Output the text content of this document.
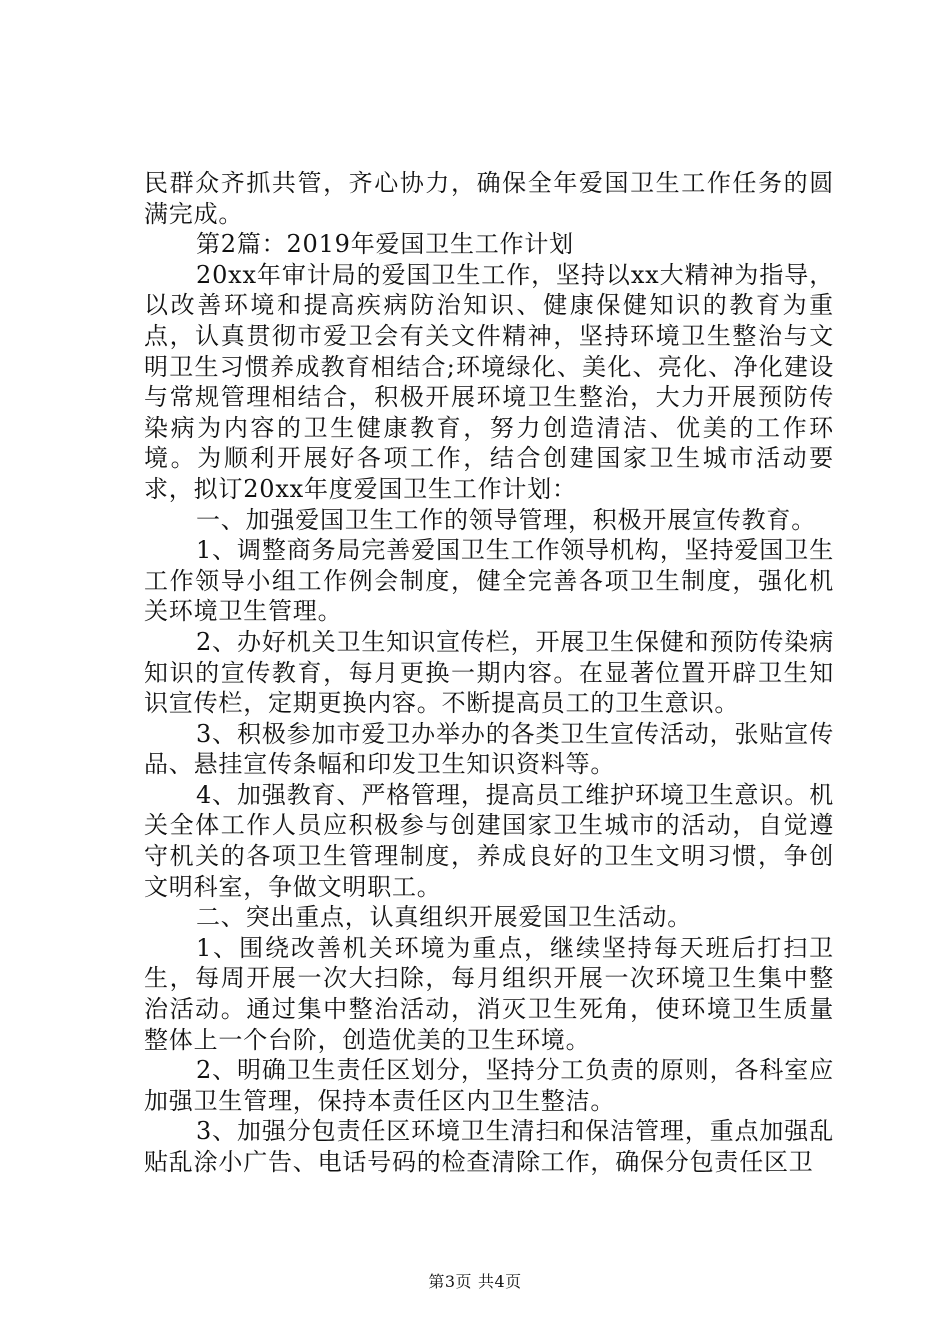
民群众齐抓共管，齐心协力，确保全年爱国卫生工作任务的圆满完成。

第2篇：2019年爱国卫生工作计划

20xx年审计局的爱国卫生工作，坚持以xx大精神为指导，以改善环境和提高疾病防治知识、健康保健知识的教育为重点，认真贯彻市爱卫会有关文件精神，坚持环境卫生整治与文明卫生习惯养成教育相结合;环境绿化、美化、亮化、净化建设与常规管理相结合，积极开展环境卫生整治，大力开展预防传染病为内容的卫生健康教育，努力创造清洁、优美的工作环境。为顺利开展好各项工作，结合创建国家卫生城市活动要求，拟订20xx年度爱国卫生工作计划：

一、加强爱国卫生工作的领导管理，积极开展宣传教育。

1、调整商务局完善爱国卫生工作领导机构，坚持爱国卫生工作领导小组工作例会制度，健全完善各项卫生制度，强化机关环境卫生管理。

2、办好机关卫生知识宣传栏，开展卫生保健和预防传染病知识的宣传教育，每月更换一期内容。在显著位置开辟卫生知识宣传栏，定期更换内容。不断提高员工的卫生意识。

3、积极参加市爱卫办举办的各类卫生宣传活动，张贴宣传品、悬挂宣传条幅和印发卫生知识资料等。

4、加强教育、严格管理，提高员工维护环境卫生意识。机关全体工作人员应积极参与创建国家卫生城市的活动，自觉遵守机关的各项卫生管理制度，养成良好的卫生文明习惯，争创文明科室，争做文明职工。

二、突出重点，认真组织开展爱国卫生活动。

1、围绕改善机关环境为重点，继续坚持每天班后打扫卫生，每周开展一次大扫除，每月组织开展一次环境卫生集中整治活动。通过集中整治活动，消灭卫生死角，使环境卫生质量整体上一个台阶，创造优美的卫生环境。

2、明确卫生责任区划分，坚持分工负责的原则，各科室应加强卫生管理，保持本责任区内卫生整洁。

3、加强分包责任区环境卫生清扫和保洁管理，重点加强乱贴乱涂小广告、电话号码的检查清除工作，确保分包责任区卫

第3页 共4页
